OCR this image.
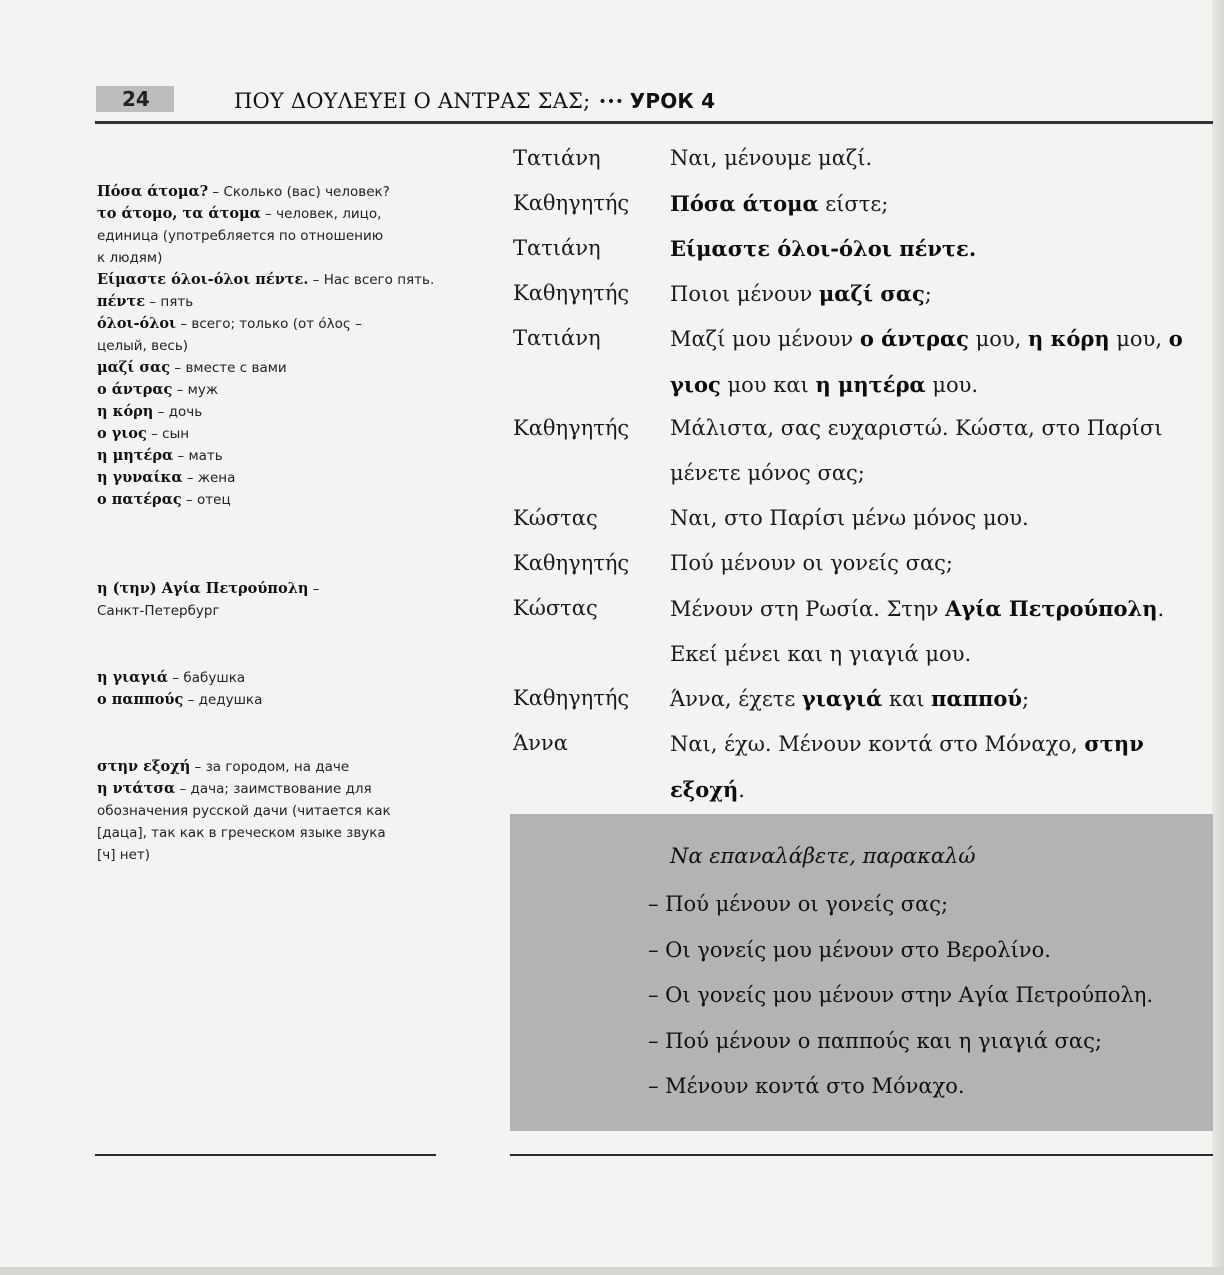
24	ΠΟΥ ΔΟΥΛΕΥΕΙ Ο ΑΝΤΡΑΣ ΣΑΣ; ••• УРОК 4
Πόσα άτομα? – Сколько (вас) человек?
το άτομο, τα άτομα – человек, лицо,
единица (употребляется по отношению
к людям)
Είμαστε όλοι-όλοι πέντε. – Нас всего пять.
πέντε – пять
όλοι-όλοι – всего; только (от όλος –
целый, весь)
μαζί σας – вместе с вами
ο άντρας – муж
η κόρη – дочь
ο γιος – сын
η μητέρα – мать
η γυναίκα – жена
ο πατέρας – отец
η (την) Αγία Πετρούπολη –
Санкт-Петербург
η γιαγιά – бабушка
ο παππούς – дедушка
στην εξοχή – за городом, на даче
η ντάτσα – дача; заимствование для
обозначения русской дачи (читается как
[даца], так как в греческом языке звука
[ч] нет)
Τατιάνη	Ναι, μένουμε μαζί.
Καθηγητής Πόσα άτομα είστε;
Τατιάνη	Είμαστε όλοι-όλοι πέντε.
Καθηγητής Ποιοι μένουν μαζί σας;
Τατιάνη	Μαζί μου μένουν ο άντρας μου, η κόρη μου, ο γιος μου και η μητέρα μου.
Καθηγητής Μάλιστα, σας ευχαριστώ. Κώστα, στο Παρίσι μένετε μόνος σας;
Κώστας	Ναι, στο Παρίσι μένω μόνος μου.
Καθηγητής Πού μένουν οι γονείς σας;
Κώστας	Μένουν στη Ρωσία. Στην Αγία Πετρούπολη. Εκεί μένει και η γιαγιά μου.
Καθηγητής Άννα, έχετε γιαγιά και παππού;
Άννα	Ναι, έχω. Μένουν κοντά στο Μόναχο, στην εξοχή.
Να επαναλάβετε, παρακαλώ
– Πού μένουν οι γονείς σας;
– Οι γονείς μου μένουν στο Βερολίνο.
– Οι γονείς μου μένουν στην Αγία Πετρούπολη.
– Πού μένουν ο παππούς και η γιαγιά σας;
– Μένουν κοντά στο Μόναχο.
